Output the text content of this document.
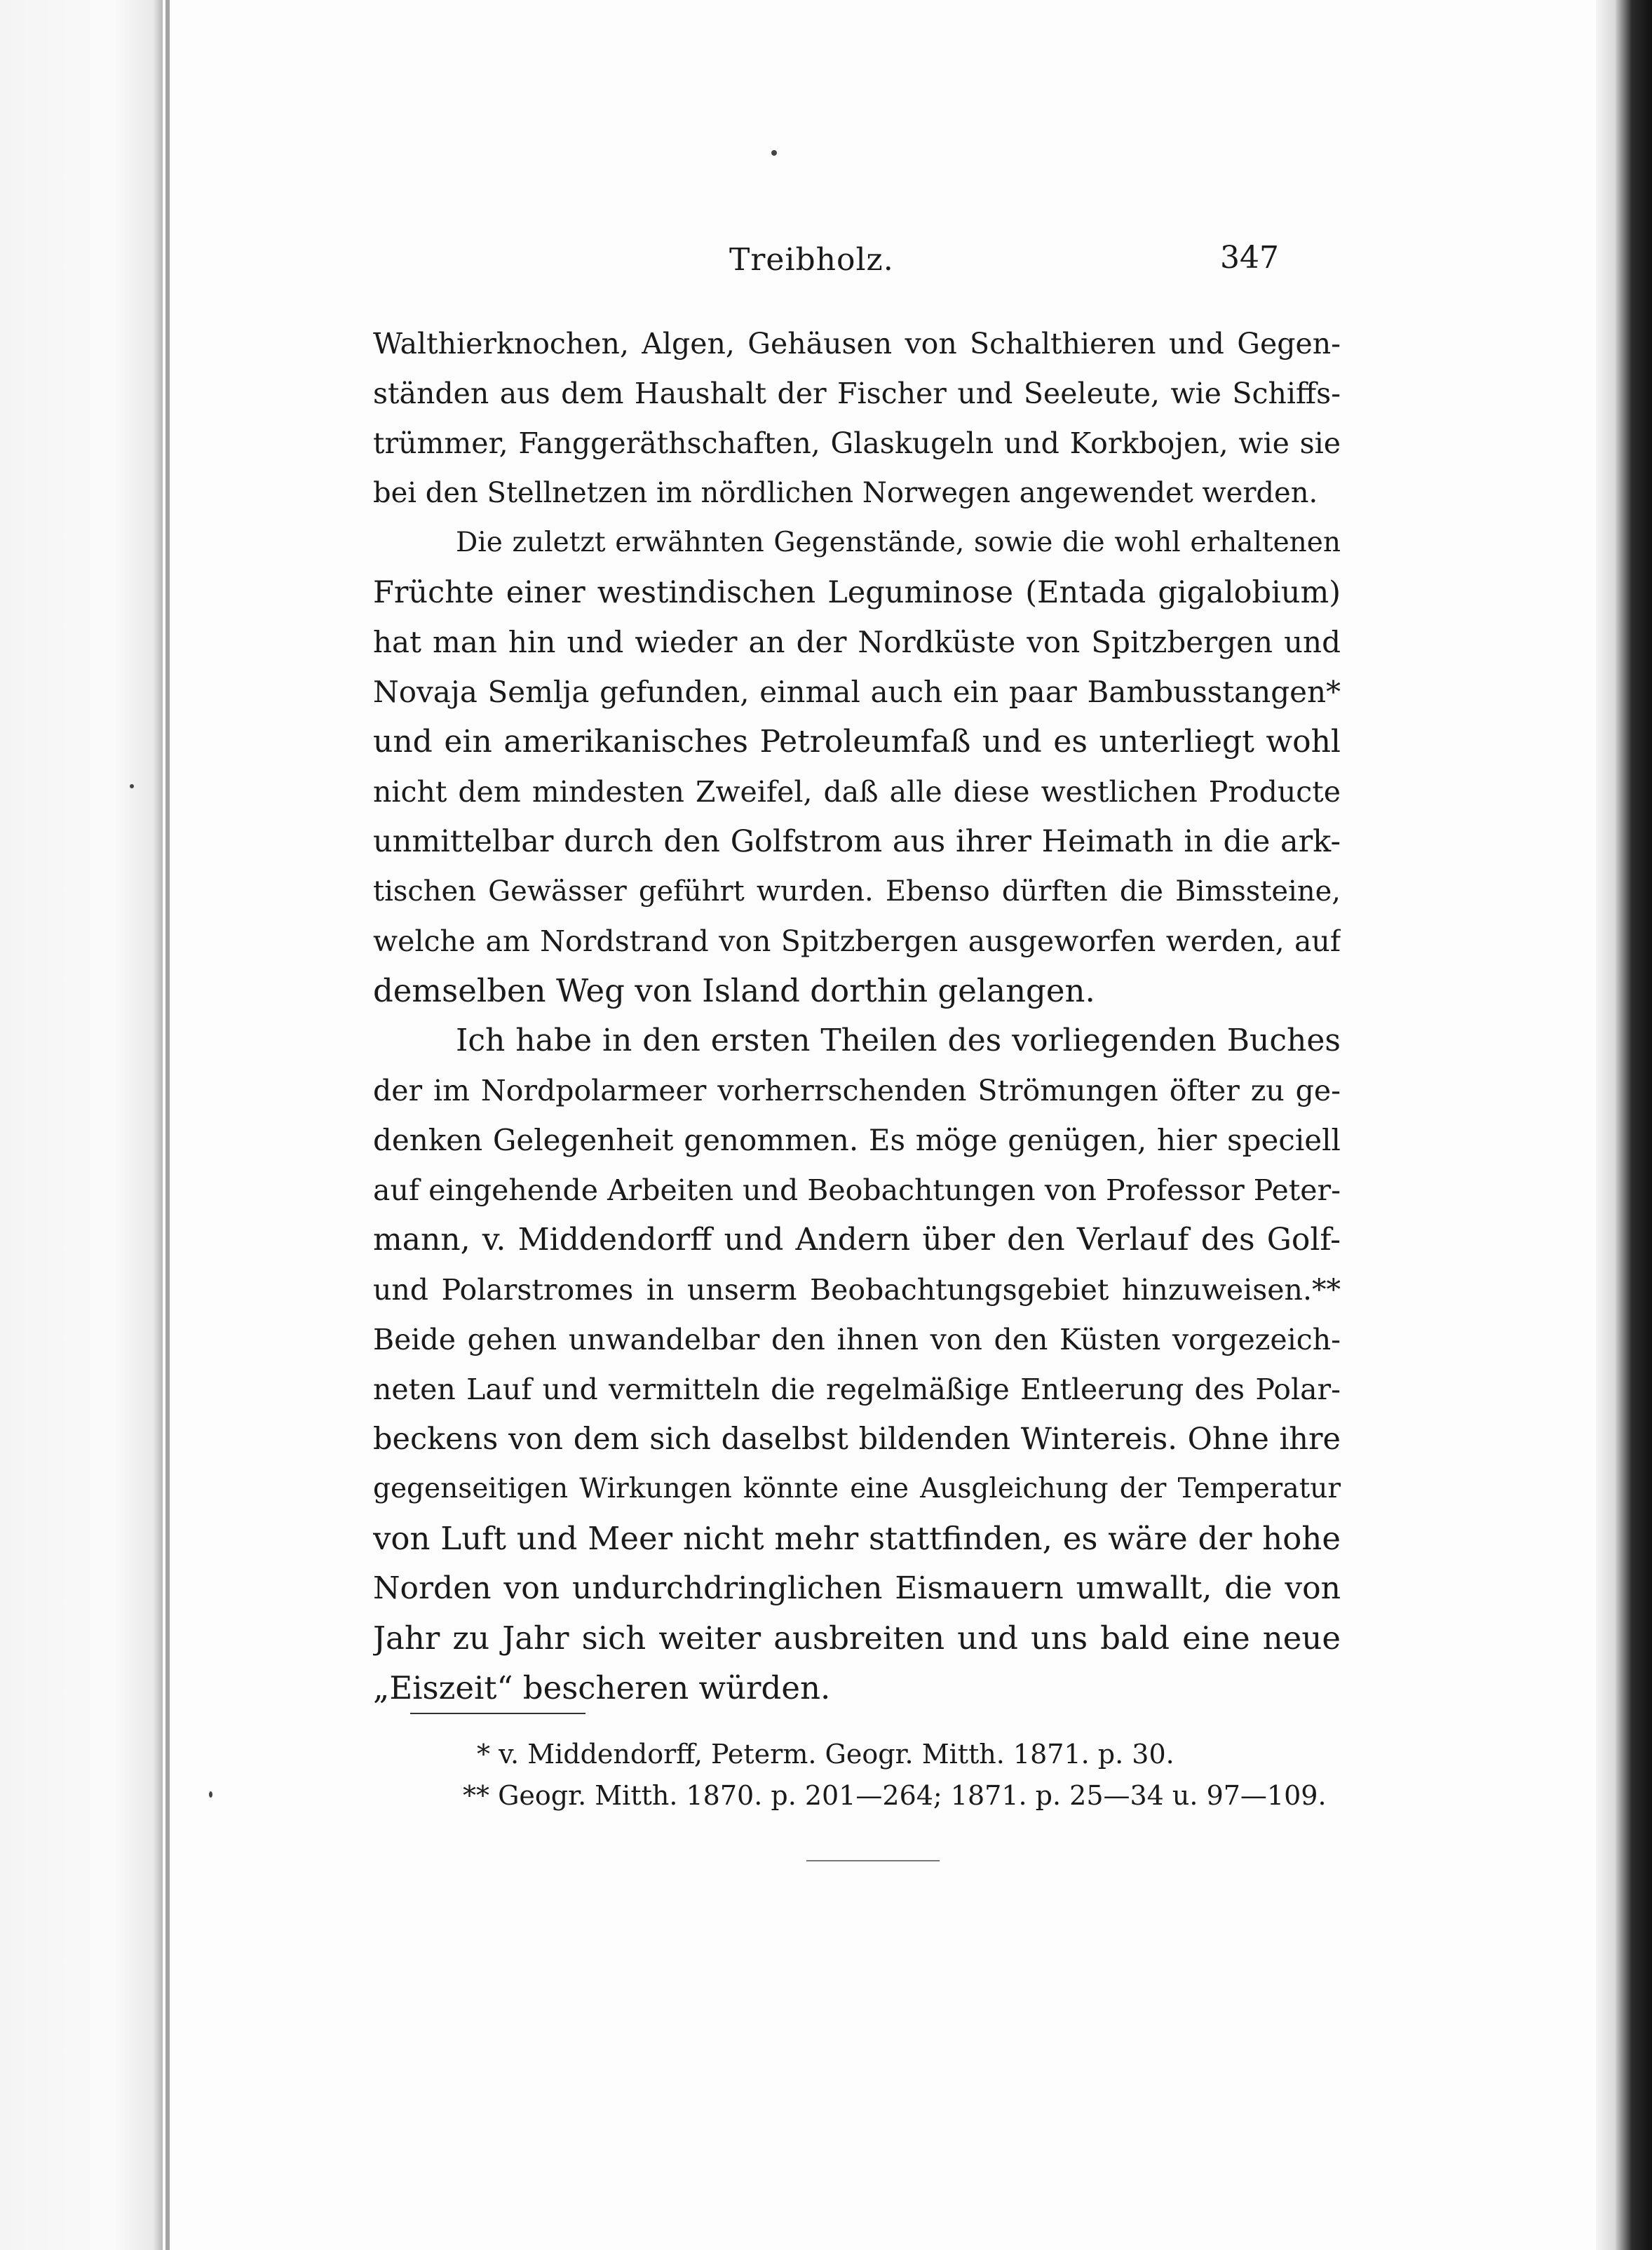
Treibholz.	347
Walthierknochen, Algen, Gehäusen von Schalthieren und Gegen-
ständen aus dem Haushalt der Fischer und Seeleute, wie Schiffs-
trümmer, Fanggeräthschaften, Glaskugeln und Korkbojen, wie sie
bei den Stellnetzen im nördlichen Norwegen angewendet werden.
Die zuletzt erwähnten Gegenstände, sowie die wohl erhaltenen
Früchte einer westindischen Leguminose (Entada gigalobium)
hat man hin und wieder an der Nordküste von Spitzbergen und
Novaja Semlja gefunden, einmal auch ein paar Bambusstangen*
und ein amerikanisches Petroleumfaß und es unterliegt wohl
nicht dem mindesten Zweifel, daß alle diese westlichen Producte
unmittelbar durch den Golfstrom aus ihrer Heimath in die ark-
tischen Gewässer geführt wurden. Ebenso dürften die Bimssteine,
welche am Nordstrand von Spitzbergen ausgeworfen werden, auf
demselben Weg von Island dorthin gelangen.
Ich habe in den ersten Theilen des vorliegenden Buches
der im Nordpolarmeer vorherrschenden Strömungen öfter zu ge-
denken Gelegenheit genommen. Es möge genügen, hier speciell
auf eingehende Arbeiten und Beobachtungen von Professor Peter-
mann, v. Middendorff und Andern über den Verlauf des Golf-
und Polarstromes in unserm Beobachtungsgebiet hinzuweisen.**
Beide gehen unwandelbar den ihnen von den Küsten vorgezeich-
neten Lauf und vermitteln die regelmäßige Entleerung des Polar-
beckens von dem sich daselbst bildenden Wintereis. Ohne ihre
gegenseitigen Wirkungen könnte eine Ausgleichung der Temperatur
von Luft und Meer nicht mehr stattfinden, es wäre der hohe
Norden von undurchdringlichen Eismauern umwallt, die von
Jahr zu Jahr sich weiter ausbreiten und uns bald eine neue
„Eiszeit“ bescheren würden.
* v. Middendorff, Peterm. Geogr. Mitth. 1871. p. 30.
** Geogr. Mitth. 1870. p. 201—264; 1871. p. 25—34 u. 97—109.
